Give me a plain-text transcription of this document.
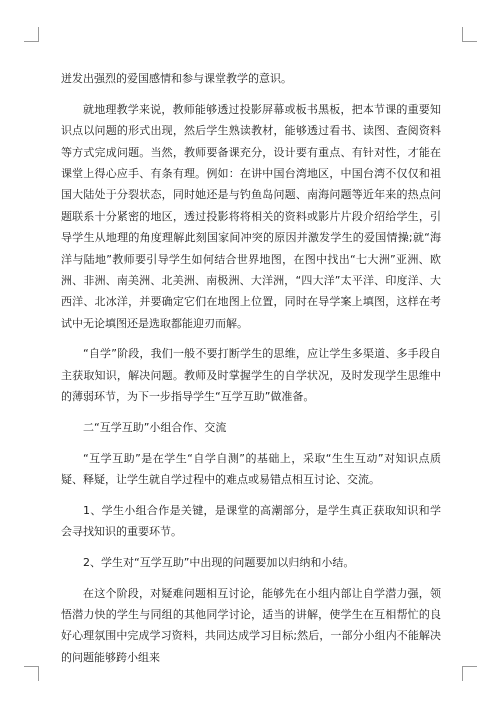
迸发出强烈的爱国感情和参与课堂教学的意识。

就地理教学来说，教师能够透过投影屏幕或板书黑板，把本节课的重要知识点以问题的形式出现，然后学生熟读教材，能够透过看书、读图、查阅资料等方式完成问题。当然，教师要备课充分，设计要有重点、有针对性，才能在课堂上得心应手、有条有理。例如：在讲中国台湾地区，中国台湾不仅仅和祖国大陆处于分裂状态，同时她还是与钓鱼岛问题、南海问题等近年来的热点问题联系十分紧密的地区，透过投影将将相关的资料或影片片段介绍给学生，引导学生从地理的角度理解此刻国家间冲突的原因并激发学生的爱国情操;就“海洋与陆地”教师要引导学生如何结合世界地图，在图中找出“七大洲”亚洲、欧洲、非洲、南美洲、北美洲、南极洲、大洋洲，“四大洋”太平洋、印度洋、大西洋、北冰洋，并要确定它们在地图上位置，同时在导学案上填图，这样在考试中无论填图还是选取都能迎刃而解。

“自学”阶段，我们一般不要打断学生的思维，应让学生多渠道、多手段自主获取知识，解决问题。教师及时掌握学生的自学状况，及时发现学生思维中的薄弱环节，为下一步指导学生“互学互助”做准备。

二“互学互助”小组合作、交流

“互学互助”是在学生“自学自测”的基础上，采取“生生互动”对知识点质疑、释疑，让学生就自学过程中的难点或易错点相互讨论、交流。

1、学生小组合作是关键，是课堂的高潮部分，是学生真正获取知识和学会寻找知识的重要环节。

2、学生对“互学互助”中出现的问题要加以归纳和小结。

在这个阶段，对疑难问题相互讨论，能够先在小组内部让自学潜力强，领悟潜力快的学生与同组的其他同学讨论，适当的讲解，使学生在互相帮忙的良好心理氛围中完成学习资料，共同达成学习目标;然后，一部分小组内不能解决的问题能够跨小组来
